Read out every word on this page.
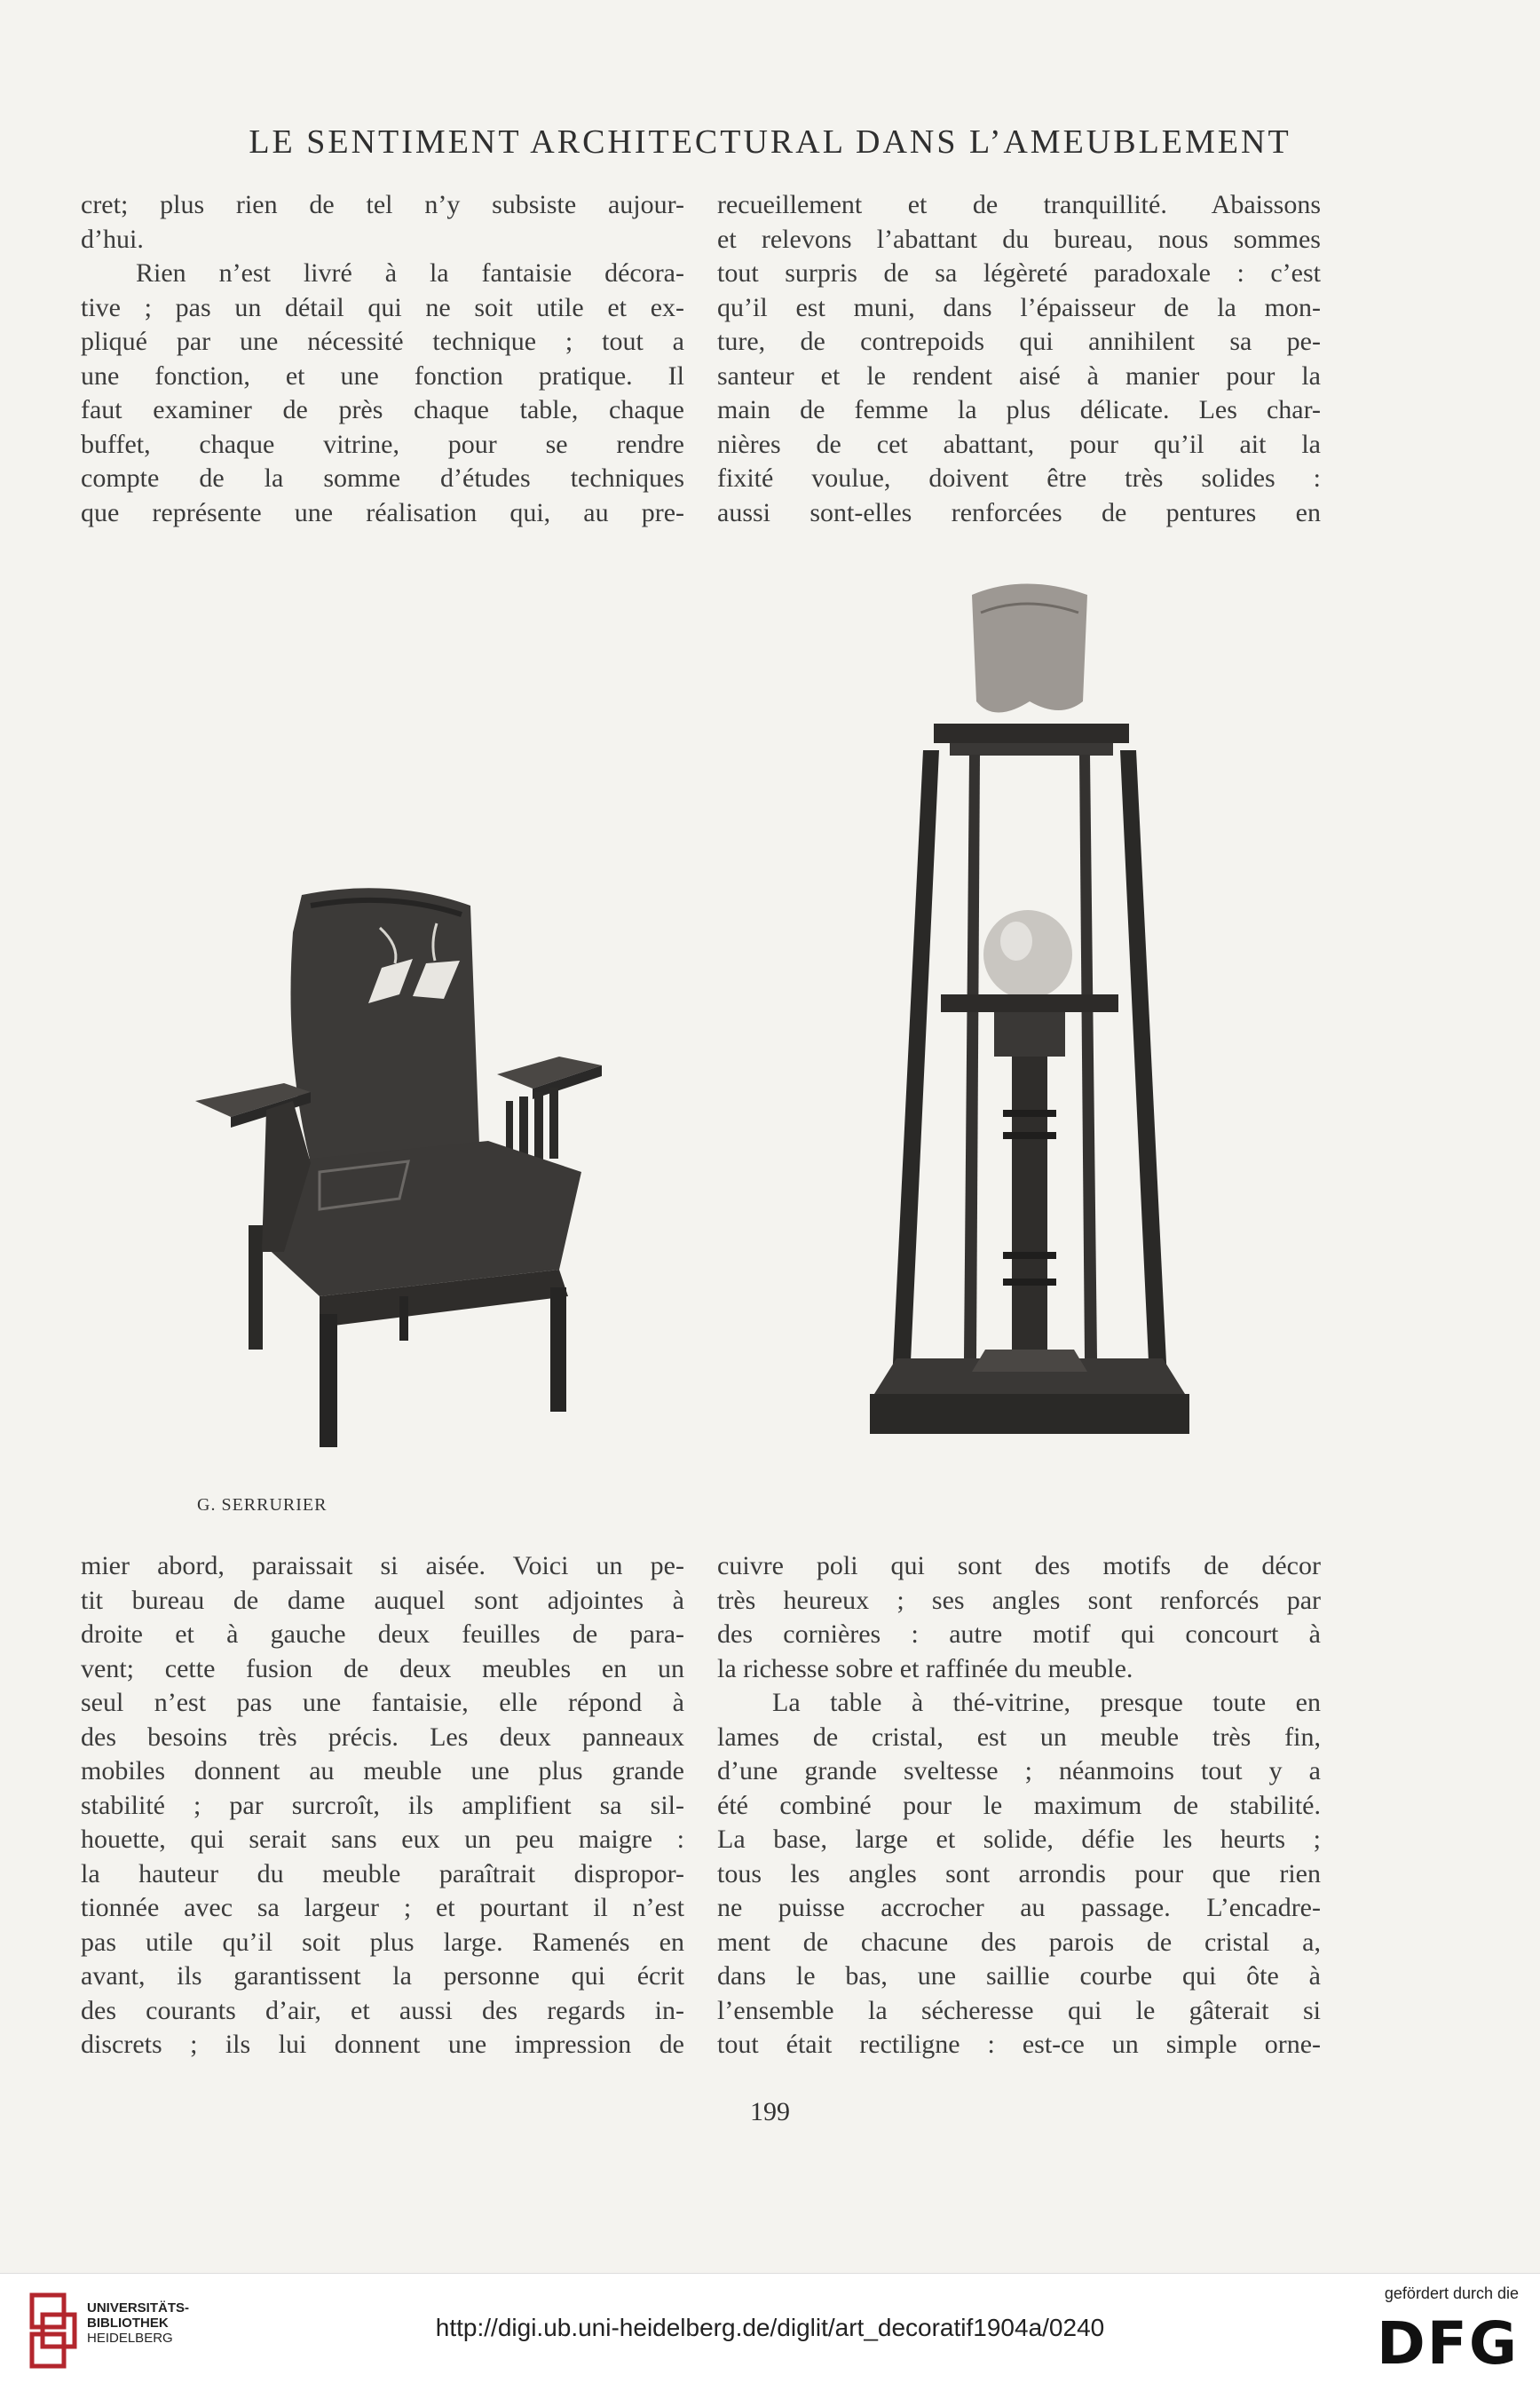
LE SENTIMENT ARCHITECTURAL DANS L’AMEUBLEMENT

cret; plus rien de tel n’y subsiste aujour-

d’hui.

Rien n’est livré à la fantaisie décora-

tive ; pas un détail qui ne soit utile et ex-

pliqué par une nécessité technique ; tout a

une fonction, et une fonction pratique. Il

faut examiner de près chaque table, chaque

buffet, chaque vitrine, pour se rendre

compte de la somme d’études techniques

que représente une réalisation qui, au pre-

recueillement et de tranquillité. Abaissons

et relevons l’abattant du bureau, nous sommes

tout surpris de sa légèreté paradoxale : c’est

qu’il est muni, dans l’épaisseur de la mon-

ture, de contrepoids qui annihilent sa pe-

santeur et le rendent aisé à manier pour la

main de femme la plus délicate. Les char-

nières de cet abattant, pour qu’il ait la

fixité voulue, doivent être très solides :

aussi sont-elles renforcées de pentures en

G. SERRURIER

mier abord, paraissait si aisée. Voici un pe-

tit bureau de dame auquel sont adjointes à

droite et à gauche deux feuilles de para-

vent; cette fusion de deux meubles en un

seul n’est pas une fantaisie, elle répond à

des besoins très précis. Les deux panneaux

mobiles donnent au meuble une plus grande

stabilité ; par surcroît, ils amplifient sa sil-

houette, qui serait sans eux un peu maigre :

la hauteur du meuble paraîtrait dispropor-

tionnée avec sa largeur ; et pourtant il n’est

pas utile qu’il soit plus large. Ramenés en

avant, ils garantissent la personne qui écrit

des courants d’air, et aussi des regards in-

discrets ; ils lui donnent une impression de

cuivre poli qui sont des motifs de décor

très heureux ; ses angles sont renforcés par

des cornières : autre motif qui concourt à

la richesse sobre et raffinée du meuble.

La table à thé-vitrine, presque toute en

lames de cristal, est un meuble très fin,

d’une grande sveltesse ; néanmoins tout y a

été combiné pour le maximum de stabilité.

La base, large et solide, défie les heurts ;

tous les angles sont arrondis pour que rien

ne puisse accrocher au passage. L’encadre-

ment de chacune des parois de cristal a,

dans le bas, une saillie courbe qui ôte à

l’ensemble la sécheresse qui le gâterait si

tout était rectiligne : est-ce un simple orne-

199
UNIVERSITÄTS-
BIBLIOTHEK
HEIDELBERG	http://digi.ub.uni-heidelberg.de/diglit/art_decoratif1904a/0240
gefördert durch die
DFG
